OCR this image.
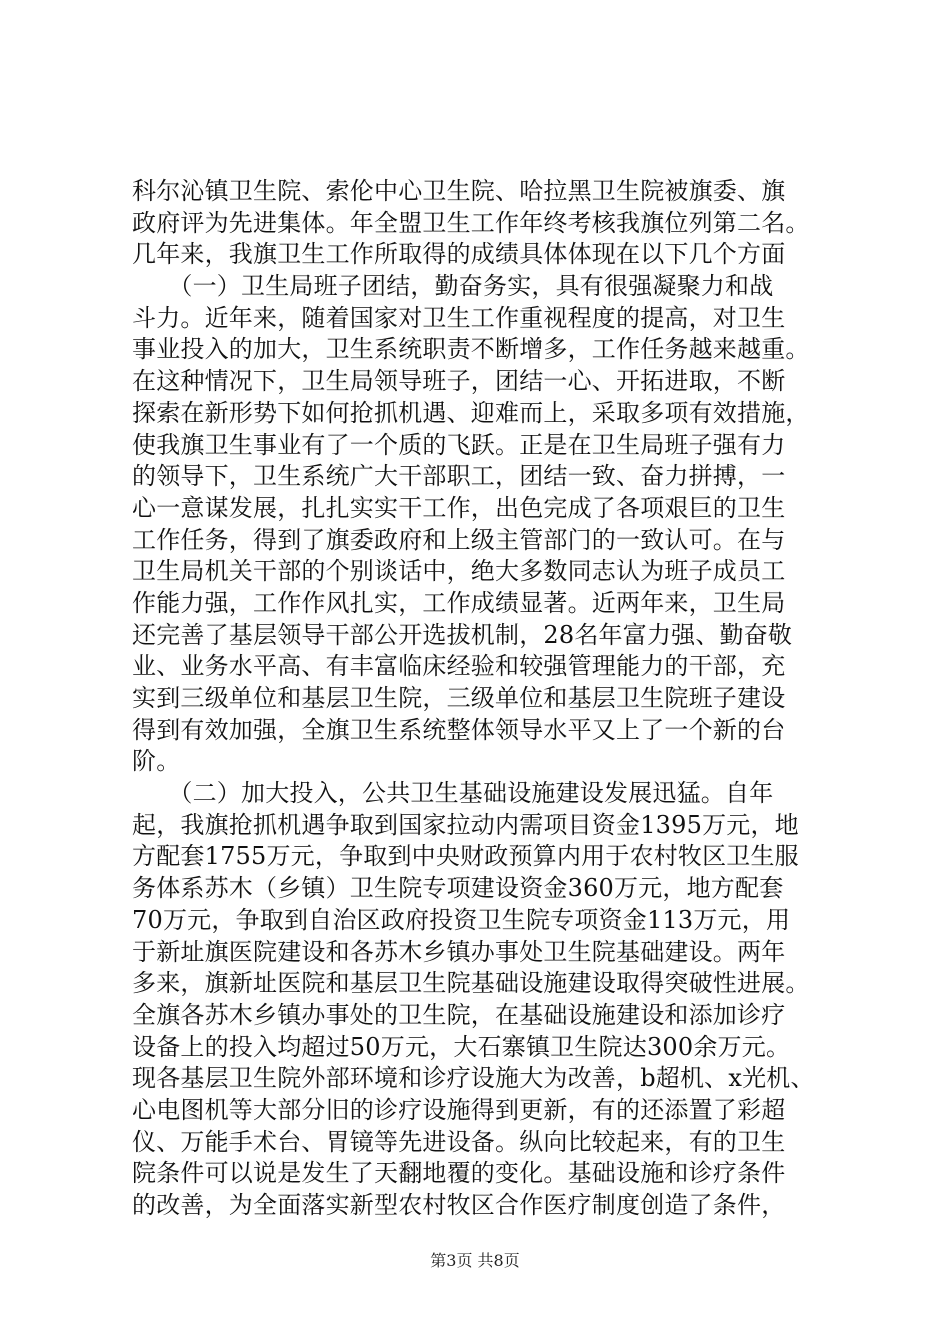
科尔沁镇卫生院、索伦中心卫生院、哈拉黑卫生院被旗委、旗
政府评为先进集体。年全盟卫生工作年终考核我旗位列第二名。
几年来，我旗卫生工作所取得的成绩具体体现在以下几个方面
　　（一）卫生局班子团结，勤奋务实，具有很强凝聚力和战
斗力。近年来，随着国家对卫生工作重视程度的提高，对卫生
事业投入的加大，卫生系统职责不断增多，工作任务越来越重。
在这种情况下，卫生局领导班子，团结一心、开拓进取，不断
探索在新形势下如何抢抓机遇、迎难而上，采取多项有效措施，
使我旗卫生事业有了一个质的飞跃。正是在卫生局班子强有力
的领导下，卫生系统广大干部职工，团结一致、奋力拼搏，一
心一意谋发展，扎扎实实干工作，出色完成了各项艰巨的卫生
工作任务，得到了旗委政府和上级主管部门的一致认可。在与
卫生局机关干部的个别谈话中，绝大多数同志认为班子成员工
作能力强，工作作风扎实，工作成绩显著。近两年来，卫生局
还完善了基层领导干部公开选拔机制，28名年富力强、勤奋敬
业、业务水平高、有丰富临床经验和较强管理能力的干部，充
实到三级单位和基层卫生院，三级单位和基层卫生院班子建设
得到有效加强，全旗卫生系统整体领导水平又上了一个新的台
阶。
　　（二）加大投入，公共卫生基础设施建设发展迅猛。自年
起，我旗抢抓机遇争取到国家拉动内需项目资金1395万元，地
方配套1755万元，争取到中央财政预算内用于农村牧区卫生服
务体系苏木（乡镇）卫生院专项建设资金360万元，地方配套
70万元，争取到自治区政府投资卫生院专项资金113万元，用
于新址旗医院建设和各苏木乡镇办事处卫生院基础建设。两年
多来，旗新址医院和基层卫生院基础设施建设取得突破性进展。
全旗各苏木乡镇办事处的卫生院，在基础设施建设和添加诊疗
设备上的投入均超过50万元，大石寨镇卫生院达300余万元。
现各基层卫生院外部环境和诊疗设施大为改善，b超机、x光机、
心电图机等大部分旧的诊疗设施得到更新，有的还添置了彩超
仪、万能手术台、胃镜等先进设备。纵向比较起来，有的卫生
院条件可以说是发生了天翻地覆的变化。基础设施和诊疗条件
的改善，为全面落实新型农村牧区合作医疗制度创造了条件，
第3页 共8页
